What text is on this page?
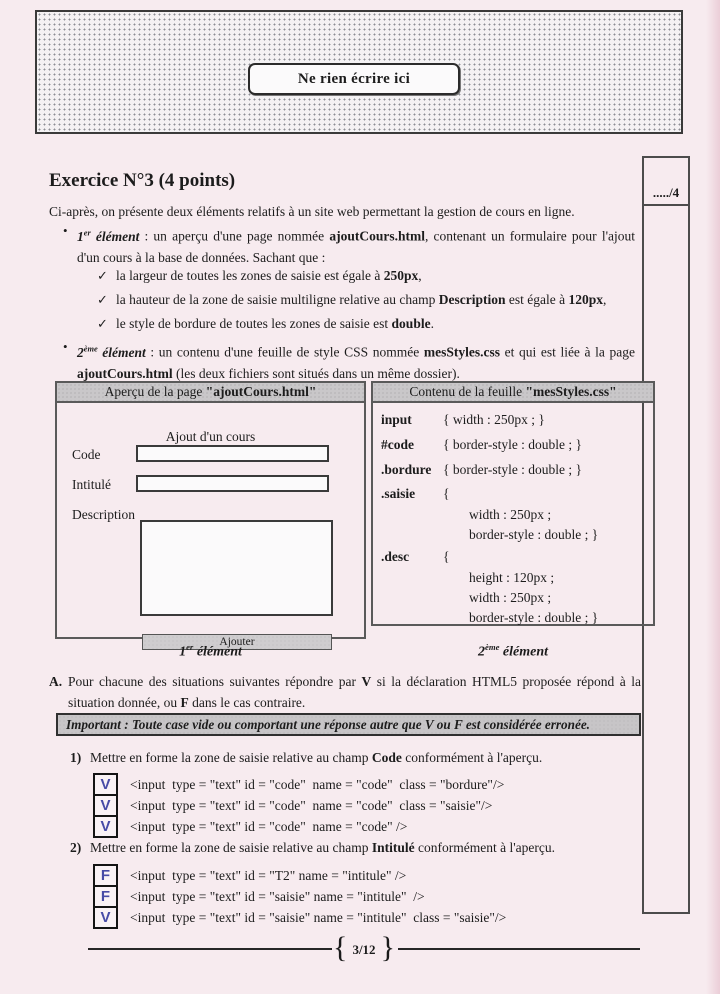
Ne rien écrire ici
Exercice N°3 (4 points)
...../4
Ci-après, on présente deux éléments relatifs à un site web permettant la gestion de cours en ligne.
• 1er élément : un aperçu d'une page nommée ajoutCours.html, contenant un formulaire pour l'ajout d'un cours à la base de données. Sachant que :
✓ la largeur de toutes les zones de saisie est égale à 250px,
✓ la hauteur de la zone de saisie multiligne relative au champ Description est égale à 120px,
✓ le style de bordure de toutes les zones de saisie est double.
• 2ème élément : un contenu d'une feuille de style CSS nommée mesStyles.css et qui est liée à la page ajoutCours.html (les deux fichiers sont situés dans un même dossier).
Aperçu de la page "ajoutCours.html"
Ajout d'un cours
Code
Intitulé
Description
Ajouter
1er élément
Contenu de la feuille "mesStyles.css"
input	{ width : 250px ; }
#code	{ border-style : double ; }
.bordure { border-style : double ; }
.saisie	{
width : 250px ;
border-style : double ; }
.desc	{
height : 120px ;
width : 250px ;
border-style : double ; }
2ème élément
A. Pour chacune des situations suivantes répondre par V si la déclaration HTML5 proposée répond à la situation donnée, ou F dans le cas contraire.
Important : Toute case vide ou comportant une réponse autre que V ou F est considérée erronée.
1) Mettre en forme la zone de saisie relative au champ Code conformément à l'aperçu.
V <input  type = "text" id = "code"  name = "code"  class = "bordure"/>
V <input  type = "text" id = "code"  name = "code"  class = "saisie"/>
V <input  type = "text" id = "code"  name = "code" />
2) Mettre en forme la zone de saisie relative au champ Intitulé conformément à l'aperçu.
F <input  type = "text" id = "T2" name = "intitule" />
F <input  type = "text" id = "saisie" name = "intitule"  />
V <input  type = "text" id = "saisie" name = "intitule"  class = "saisie"/>
{ 3/12 }
